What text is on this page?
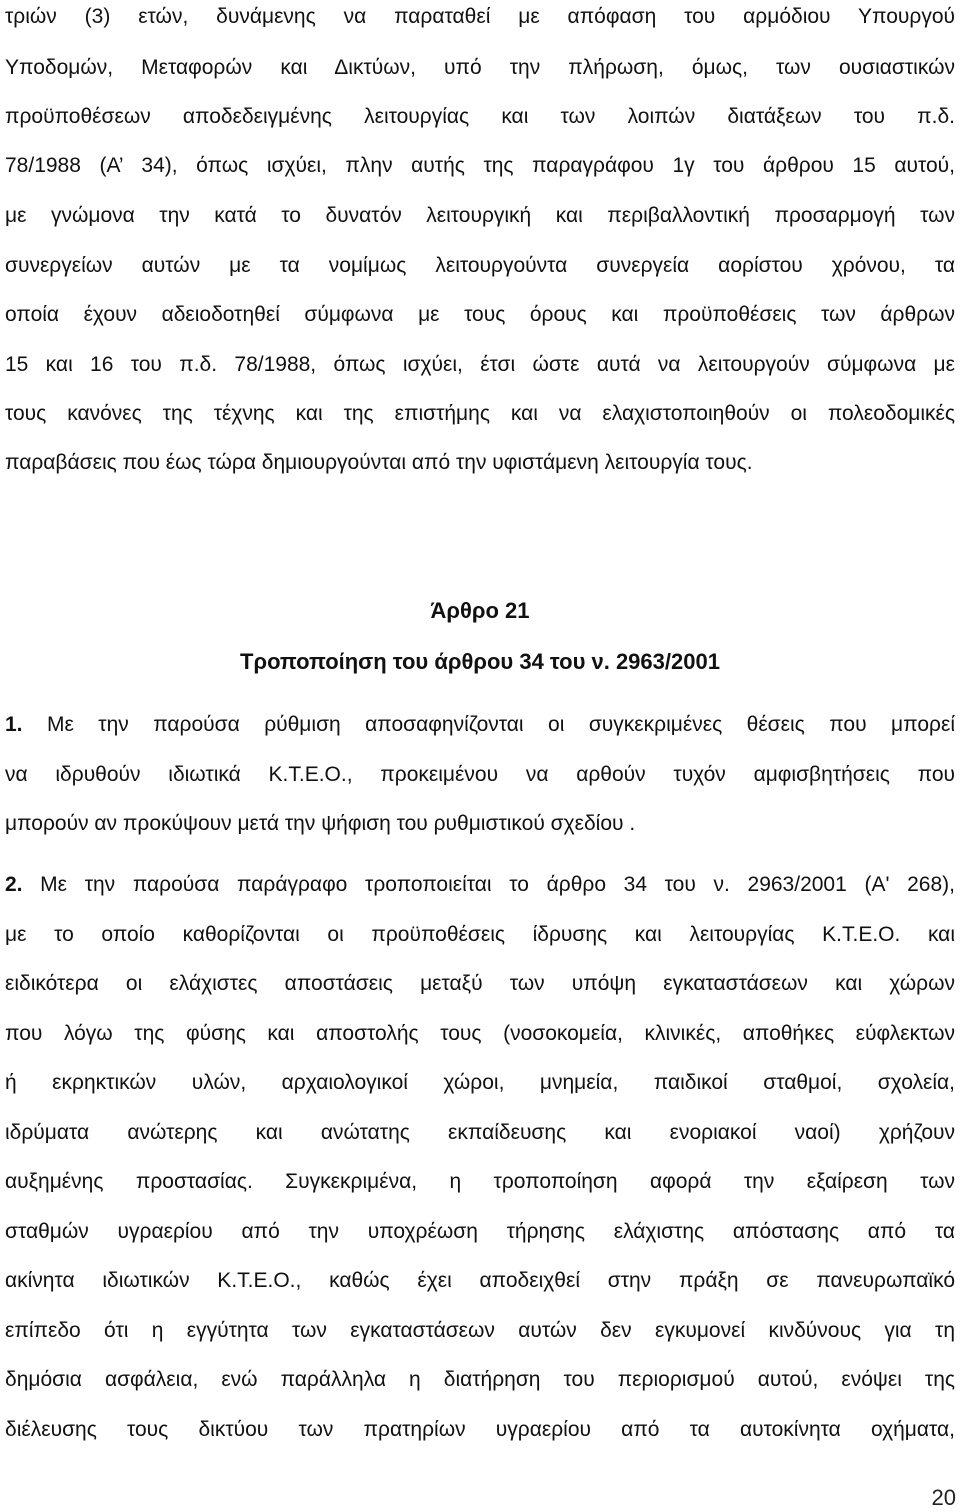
τριών (3) ετών, δυνάμενης να παραταθεί με απόφαση του αρμόδιου Υπουργού
Υποδομών, Μεταφορών και Δικτύων, υπό την πλήρωση, όμως, των ουσιαστικών
προϋποθέσεων αποδεδειγμένης λειτουργίας και των λοιπών διατάξεων του π.δ.
78/1988 (Α’ 34), όπως ισχύει, πλην αυτής της παραγράφου 1γ του άρθρου 15 αυτού,
με γνώμονα την κατά το δυνατόν λειτουργική και περιβαλλοντική προσαρμογή των
συνεργείων αυτών με τα νομίμως λειτουργούντα συνεργεία αορίστου χρόνου, τα
οποία έχουν αδειοδοτηθεί σύμφωνα με τους όρους και προϋποθέσεις των άρθρων
15 και 16 του π.δ. 78/1988, όπως ισχύει, έτσι ώστε αυτά να λειτουργούν σύμφωνα με
τους κανόνες της τέχνης και της επιστήμης και να ελαχιστοποιηθούν οι πολεοδομικές
παραβάσεις που έως τώρα δημιουργούνται από την υφιστάμενη λειτουργία τους.
Άρθρο 21
Τροποποίηση του άρθρου 34 του ν. 2963/2001
1. Με την παρούσα ρύθμιση αποσαφηνίζονται οι συγκεκριμένες θέσεις που μπορεί
να ιδρυθούν ιδιωτικά Κ.Τ.Ε.Ο., προκειμένου να αρθούν τυχόν αμφισβητήσεις που
μπορούν αν προκύψουν μετά την ψήφιση του ρυθμιστικού σχεδίου .
2. Με την παρούσα παράγραφο τροποποιείται το άρθρο 34 του ν. 2963/2001 (Α' 268),
με το οποίο καθορίζονται οι προϋποθέσεις ίδρυσης και λειτουργίας Κ.Τ.Ε.Ο. και
ειδικότερα οι ελάχιστες αποστάσεις μεταξύ των υπόψη εγκαταστάσεων και χώρων
που λόγω της φύσης και αποστολής τους (νοσοκομεία, κλινικές, αποθήκες εύφλεκτων
ή εκρηκτικών υλών, αρχαιολογικοί χώροι, μνημεία, παιδικοί σταθμοί, σχολεία,
ιδρύματα ανώτερης και ανώτατης εκπαίδευσης και ενοριακοί ναοί) χρήζουν
αυξημένης προστασίας. Συγκεκριμένα, η τροποποίηση αφορά την εξαίρεση των
σταθμών υγραερίου από την υποχρέωση τήρησης ελάχιστης απόστασης από τα
ακίνητα ιδιωτικών Κ.Τ.Ε.Ο., καθώς έχει αποδειχθεί στην πράξη σε πανευρωπαϊκό
επίπεδο ότι η εγγύτητα των εγκαταστάσεων αυτών δεν εγκυμονεί κινδύνους για τη
δημόσια ασφάλεια, ενώ παράλληλα η διατήρηση του περιορισμού αυτού, ενόψει της
διέλευσης τους δικτύου των πρατηρίων υγραερίου από τα αυτοκίνητα οχήματα,
20
